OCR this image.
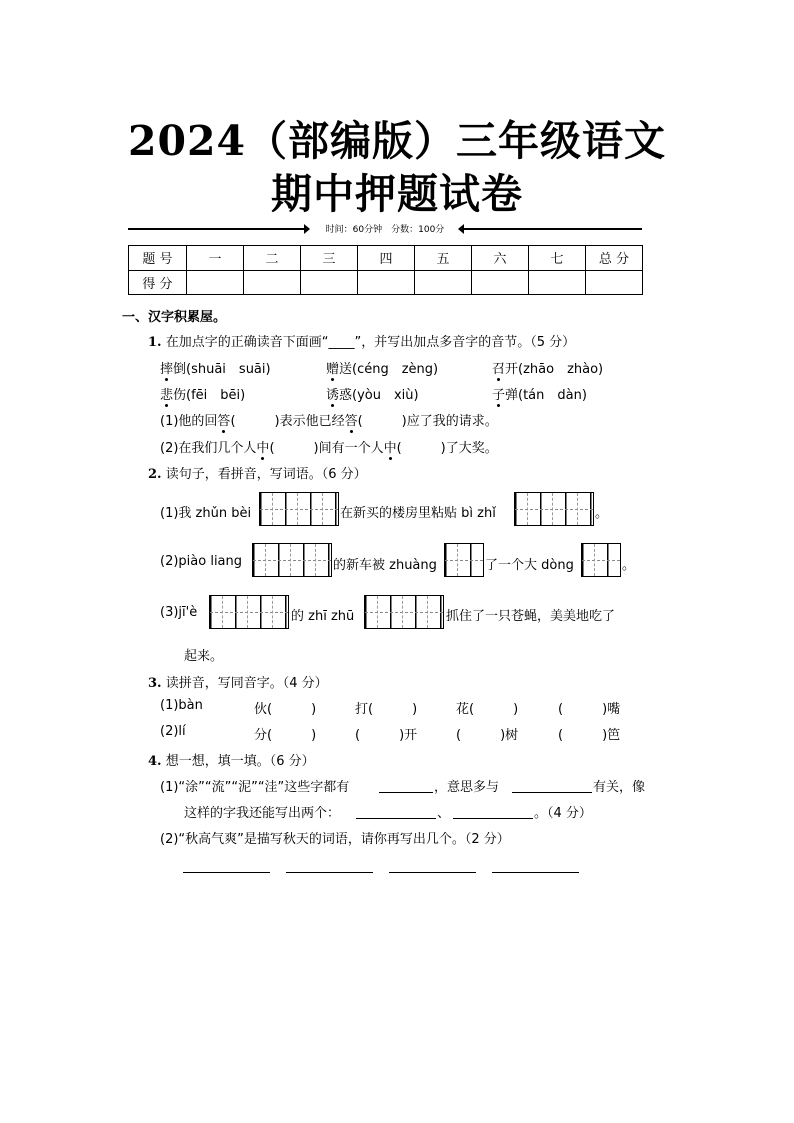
2024（部编版）三年级语文
期中押题试卷
时间：60分钟　分数：100分
题 号	一	二	三	四	五	六	七	总 分
得 分								
一、汉字积累屋。
1. 在加点字的正确读音下面画“____”，并写出加点多音字的音节。（5 分）
摔倒(shuāi　suāi)	赠送(céng　zèng)	召开(zhāo　zhào)
悲伤(fēi　bēi)	诱惑(yòu　xiù)	子弹(tán　dàn)
(1)他的回答(　　　)表示他已经答(　　　)应了我的请求。
(2)在我们几个人中(　　　)间有一个人中(　　　)了大奖。
2. 读句子，看拼音，写词语。（6 分）
(1)我 zhǔn bèi	在新买的楼房里粘贴 bì zhǐ	。
(2)piào liang	的新车被 zhuàng	了一个大 dòng	。
(3)jī'è	的 zhī zhū	抓住了一只苍蝇，美美地吃了
起来。
3. 读拼音，写同音字。（4 分）
(1)bàn	伙(　　　)	打(　　　)	花(　　　)	(　　　)嘴
(2)lí	分(　　　)	(　　　)开	(　　　)树	(　　　)笆
4. 想一想，填一填。（6 分）
(1)“涂”“流”“泥”“洼”这些字都有	，意思多与	有关，像
这样的字我还能写出两个：	、	。（4 分）
(2)“秋高气爽”是描写秋天的词语，请你再写出几个。（2 分）
